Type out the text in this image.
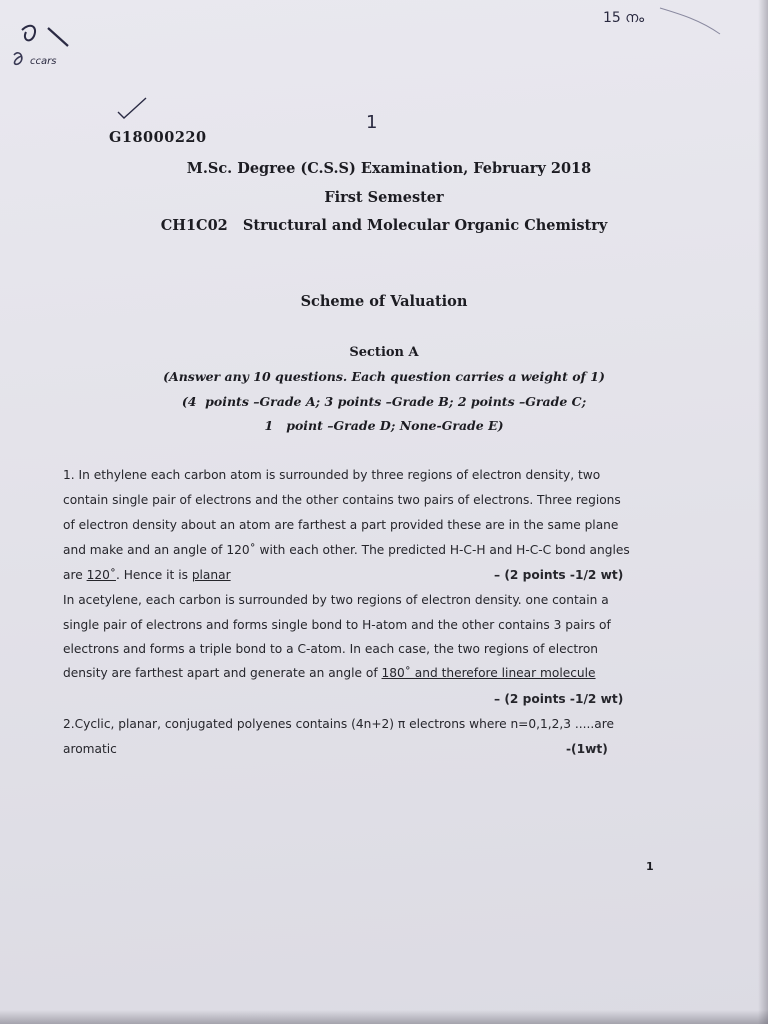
15 നം
1
ccars
G18000220
M.Sc. Degree (C.S.S) Examination, February 2018
First Semester
CH1C02   Structural and Molecular Organic Chemistry
Scheme of Valuation
Section A
(Answer any 10 questions. Each question carries a weight of 1)
(4  points –Grade A; 3 points –Grade B; 2 points –Grade C;
1   point –Grade D; None-Grade E)
1. In ethylene each carbon atom is surrounded by three regions of electron density, two
contain single pair of electrons and the other contains two pairs of electrons. Three regions
of electron density about an atom are farthest a part provided these are in the same plane
and make and an angle of 120˚ with each other. The predicted H-C-H and H-C-C bond angles
are 120˚. Hence it is planar	– (2 points -1/2 wt)
In acetylene, each carbon is surrounded by two regions of electron density. one contain a
single pair of electrons and forms single bond to H-atom and the other contains 3 pairs of
electrons and forms a triple bond to a C-atom. In each case, the two regions of electron
density are farthest apart and generate an angle of 180˚ and therefore linear molecule
– (2 points -1/2 wt)
2.Cyclic, planar, conjugated polyenes contains (4n+2) π electrons where n=0,1,2,3 .....are
aromatic	-(1wt)
1
